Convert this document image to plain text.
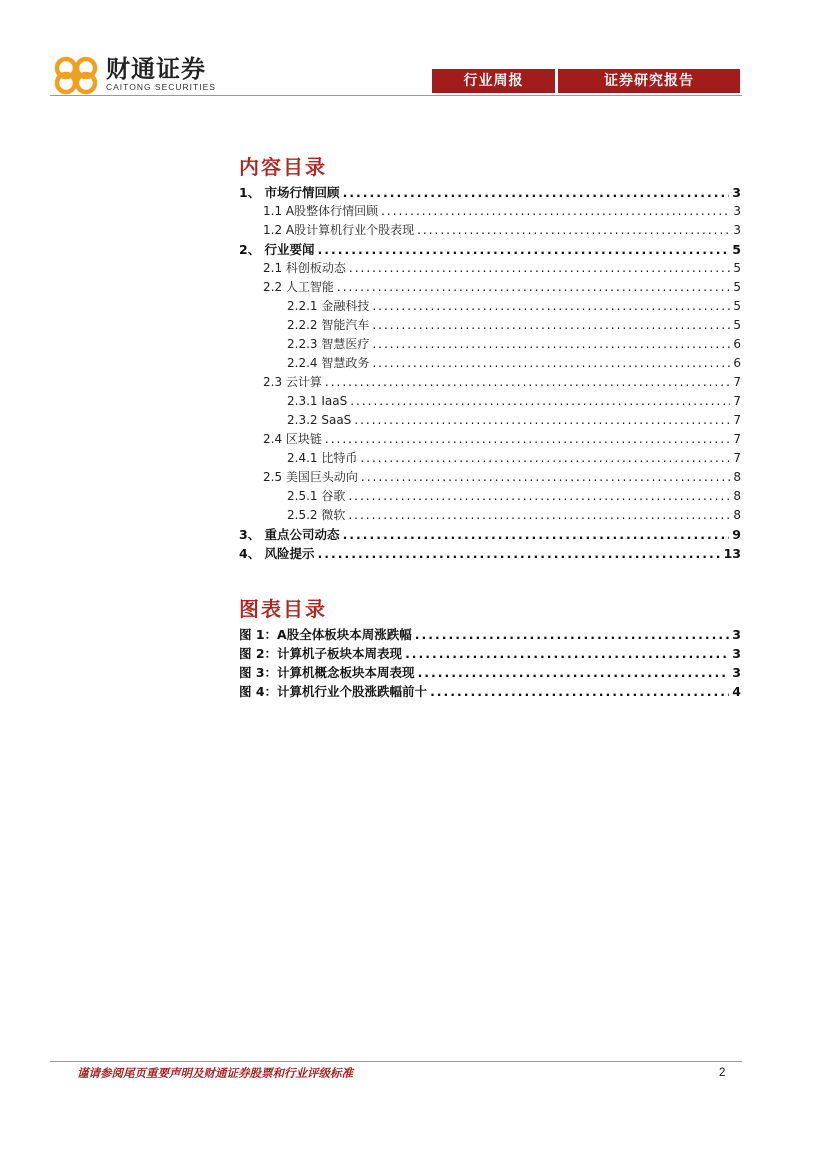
财通证券
CAITONG SECURITIES	行业周报	证券研究报告
内容目录
1、 市场行情回顾 .....	3
1.1 A股整体行情回顾 .....	3
1.2 A股计算机行业个股表现 .....	3
2、 行业要闻 .....	5
2.1 科创板动态 .....	5
2.2 人工智能 .....	5
2.2.1 金融科技 .....	5
2.2.2 智能汽车 .....	5
2.2.3 智慧医疗 .....	6
2.2.4 智慧政务 .....	6
2.3 云计算 .....	7
2.3.1 IaaS .....	7
2.3.2 SaaS .....	7
2.4 区块链 .....	7
2.4.1 比特币 .....	7
2.5 美国巨头动向 .....	8
2.5.1 谷歌 .....	8
2.5.2 微软 .....	8
3、 重点公司动态 .....	9
4、 风险提示 .....	13
图表目录
图 1：A股全体板块本周涨跌幅 .....	3
图 2：计算机子板块本周表现 .....	3
图 3：计算机概念板块本周表现 .....	3
图 4：计算机行业个股涨跌幅前十 .....	4
谨请参阅尾页重要声明及财通证券股票和行业评级标准	2
